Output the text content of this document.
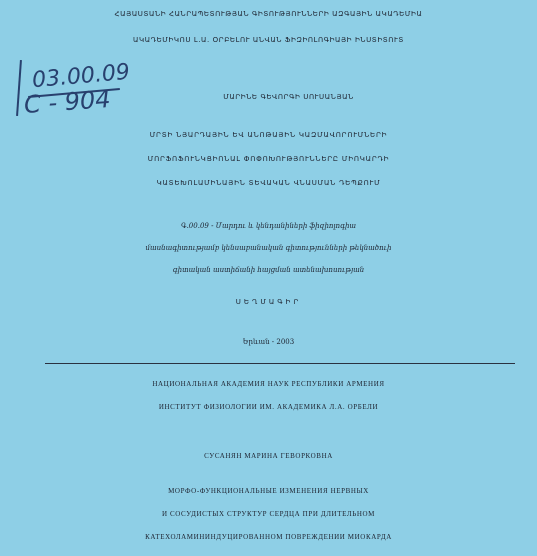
ՀԱՅԱՍՏԱՆԻ ՀԱՆՐԱՊԵՏՈՒԹՅԱՆ ԳԻՏՈՒԹՅՈՒՆՆԵՐԻ ԱԶԳԱՅԻՆ ԱԿԱԴԵՄԻԱ
ԱԿԱԴԵՄԻԿՈՍ Լ.Ա. ՕՐԲԵԼՈՒ ԱՆՎԱՆ ՖԻԶԻՈԼՈԳԻԱՅԻ ԻՆՍՏԻՏՈՒՏ
03.00.09
С - 904	ՄԱՐԻՆԵ ԳԵՎՈՐԳԻ ՍՈՒՍԱՆՅԱՆ
ՄՐՏԻ ՆՅԱՐԴԱՅԻՆ ԵՎ ԱՆՈԹԱՅԻՆ ԿԱԶՄԱՎՈՐՈՒՄՆԵՐԻ
ՄՈՐՖՈՖՈՒՆԿՑԻՈՆԱԼ ՓՈՓՈԽՈՒԹՅՈՒՆՆԵՐԸ ՄԻՈԿԱՐԴԻ
ԿԱՏԵԽՈԼԱՄԻՆԱՅԻՆ ՏԵՎԱԿԱՆ ՎՆԱՍՄԱՆ ԴԵՊՔՈՒՄ
Գ.00.09 - Մարդու և կենդանիների ֆիզիոլոգիա
մասնագիտությամբ կենսաբանական գիտությունների թեկնածուի
գիտական աստիճանի հայցման ատենախոսության
ՍԵՂՄԱԳԻՐ
Երևան - 2003
НАЦИОНАЛЬНАЯ АКАДЕМИЯ НАУК РЕСПУБЛИКИ АРМЕНИЯ
ИНСТИТУТ ФИЗИОЛОГИИ ИМ. АКАДЕМИКА Л.А. ОРБЕЛИ
СУСАНЯН МАРИНА ГЕВОРКОВНА
МОРФО-ФУНКЦИОНАЛЬНЫЕ ИЗМЕНЕНИЯ НЕРВНЫХ
И СОСУДИСТЫХ СТРУКТУР СЕРДЦА ПРИ ДЛИТЕЛЬНОМ
КАТЕХОЛАМИНИНДУЦИРОВАННОМ ПОВРЕЖДЕНИИ МИОКАРДА
